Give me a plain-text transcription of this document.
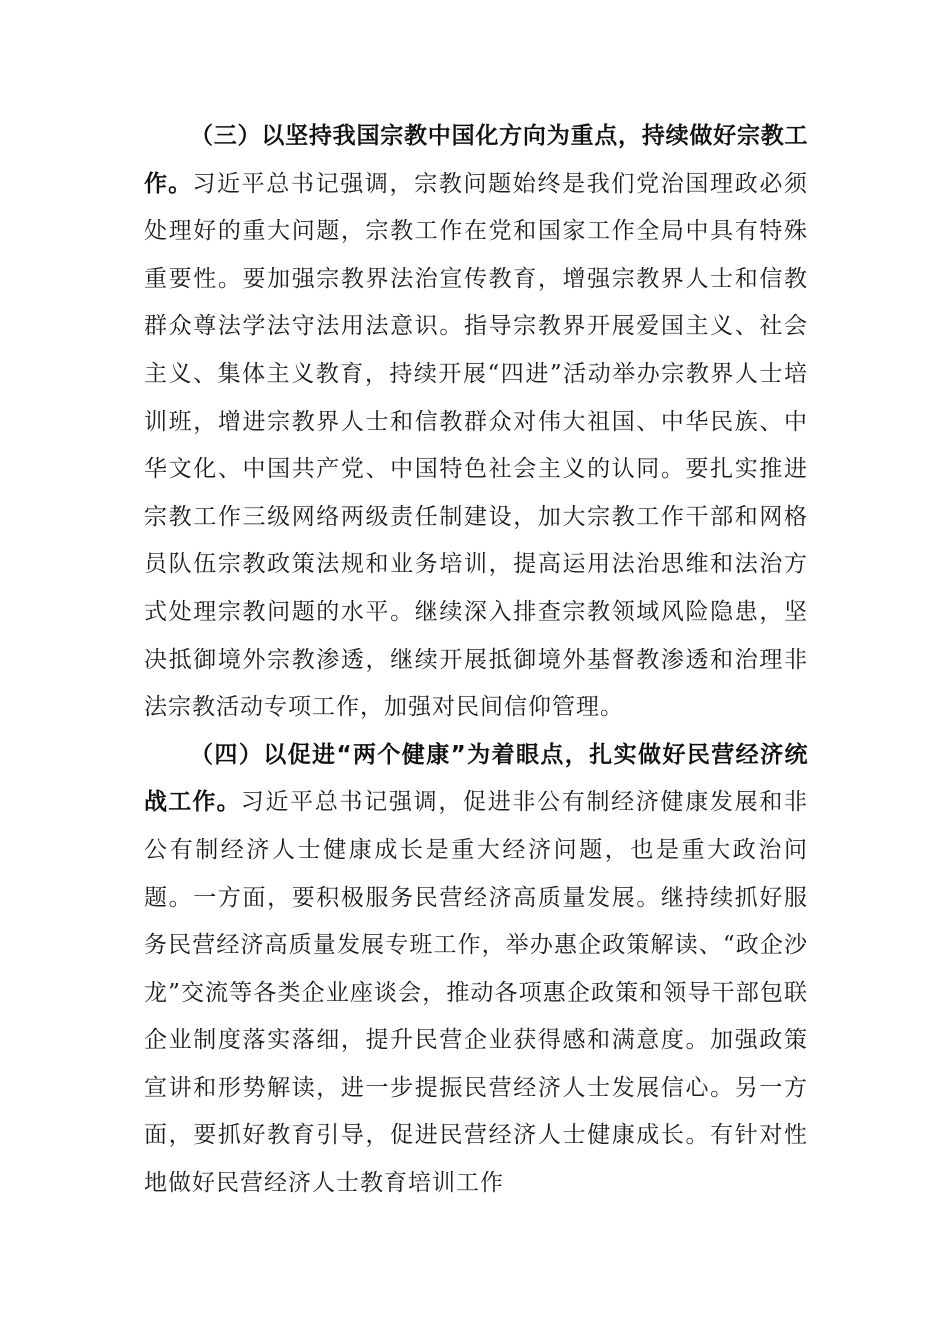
（三）以坚持我国宗教中国化方向为重点，持续做好宗教工作。习近平总书记强调，宗教问题始终是我们党治国理政必须处理好的重大问题，宗教工作在党和国家工作全局中具有特殊重要性。要加强宗教界法治宣传教育，增强宗教界人士和信教群众尊法学法守法用法意识。指导宗教界开展爱国主义、社会主义、集体主义教育，持续开展“四进”活动举办宗教界人士培训班，增进宗教界人士和信教群众对伟大祖国、中华民族、中华文化、中国共产党、中国特色社会主义的认同。要扎实推进宗教工作三级网络两级责任制建设，加大宗教工作干部和网格员队伍宗教政策法规和业务培训，提高运用法治思维和法治方式处理宗教问题的水平。继续深入排查宗教领域风险隐患，坚决抵御境外宗教渗透，继续开展抵御境外基督教渗透和治理非法宗教活动专项工作，加强对民间信仰管理。

（四）以促进“两个健康”为着眼点，扎实做好民营经济统战工作。习近平总书记强调，促进非公有制经济健康发展和非公有制经济人士健康成长是重大经济问题，也是重大政治问题。一方面，要积极服务民营经济高质量发展。继持续抓好服务民营经济高质量发展专班工作，举办惠企政策解读、“政企沙龙”交流等各类企业座谈会，推动各项惠企政策和领导干部包联企业制度落实落细，提升民营企业获得感和满意度。加强政策宣讲和形势解读，进一步提振民营经济人士发展信心。另一方面，要抓好教育引导，促进民营经济人士健康成长。有针对性地做好民营经济人士教育培训工作
